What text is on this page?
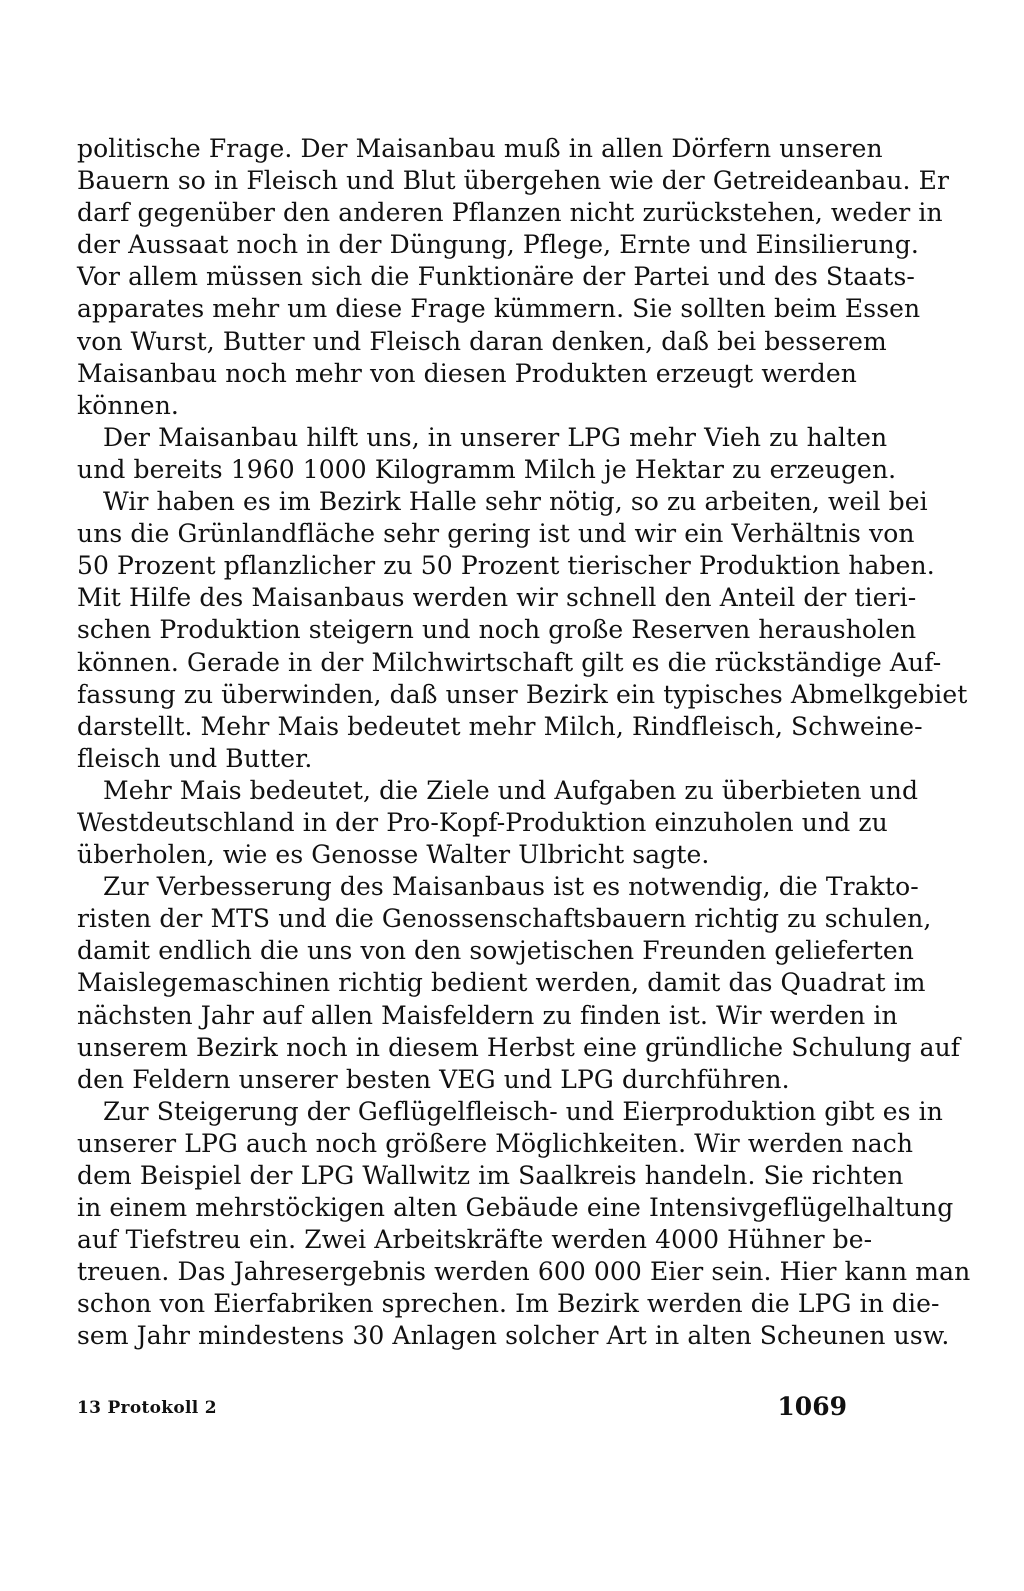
politische Frage. Der Maisanbau muß in allen Dörfern unseren
Bauern so in Fleisch und Blut übergehen wie der Getreideanbau. Er
darf gegenüber den anderen Pflanzen nicht zurückstehen, weder in
der Aussaat noch in der Düngung, Pflege, Ernte und Einsilierung.
Vor allem müssen sich die Funktionäre der Partei und des Staats-
apparates mehr um diese Frage kümmern. Sie sollten beim Essen
von Wurst, Butter und Fleisch daran denken, daß bei besserem
Maisanbau noch mehr von diesen Produkten erzeugt werden
können.
Der Maisanbau hilft uns, in unserer LPG mehr Vieh zu halten
und bereits 1960 1000 Kilogramm Milch je Hektar zu erzeugen.
Wir haben es im Bezirk Halle sehr nötig, so zu arbeiten, weil bei
uns die Grünlandfläche sehr gering ist und wir ein Verhältnis von
50 Prozent pflanzlicher zu 50 Prozent tierischer Produktion haben.
Mit Hilfe des Maisanbaus werden wir schnell den Anteil der tieri-
schen Produktion steigern und noch große Reserven herausholen
können. Gerade in der Milchwirtschaft gilt es die rückständige Auf-
fassung zu überwinden, daß unser Bezirk ein typisches Abmelkgebiet
darstellt. Mehr Mais bedeutet mehr Milch, Rindfleisch, Schweine-
fleisch und Butter.
Mehr Mais bedeutet, die Ziele und Aufgaben zu überbieten und
Westdeutschland in der Pro-Kopf-Produktion einzuholen und zu
überholen, wie es Genosse Walter Ulbricht sagte.
Zur Verbesserung des Maisanbaus ist es notwendig, die Trakto-
risten der MTS und die Genossenschaftsbauern richtig zu schulen,
damit endlich die uns von den sowjetischen Freunden gelieferten
Maislegemaschinen richtig bedient werden, damit das Quadrat im
nächsten Jahr auf allen Maisfeldern zu finden ist. Wir werden in
unserem Bezirk noch in diesem Herbst eine gründliche Schulung auf
den Feldern unserer besten VEG und LPG durchführen.
Zur Steigerung der Geflügelfleisch- und Eierproduktion gibt es in
unserer LPG auch noch größere Möglichkeiten. Wir werden nach
dem Beispiel der LPG Wallwitz im Saalkreis handeln. Sie richten
in einem mehrstöckigen alten Gebäude eine Intensivgeflügelhaltung
auf Tiefstreu ein. Zwei Arbeitskräfte werden 4000 Hühner be-
treuen. Das Jahresergebnis werden 600 000 Eier sein. Hier kann man
schon von Eierfabriken sprechen. Im Bezirk werden die LPG in die-
sem Jahr mindestens 30 Anlagen solcher Art in alten Scheunen usw.
13 Protokoll 2	1069
